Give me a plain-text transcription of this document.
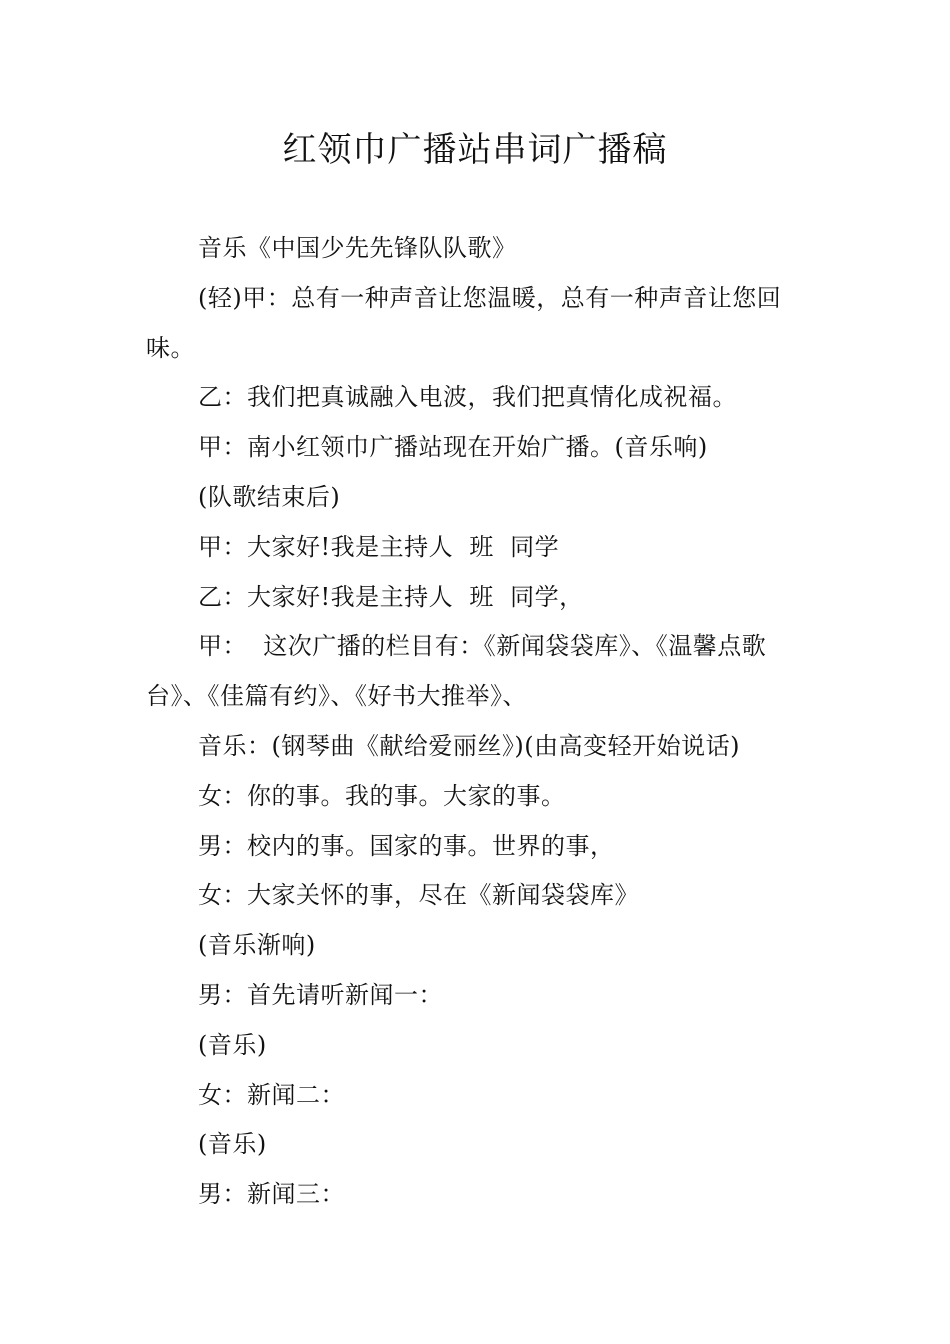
红领巾广播站串词广播稿

音乐《中国少先先锋队队歌》

(轻)甲：总有一种声音让您温暖，总有一种声音让您回味。

乙：我们把真诚融入电波，我们把真情化成祝福。

甲：南小红领巾广播站现在开始广播。(音乐响)

(队歌结束后)

甲：大家好!我是主持人  班  同学

乙：大家好!我是主持人  班  同学，

甲：  这次广播的栏目有：《新闻袋袋库》、《温馨点歌台》、《佳篇有约》、《好书大推举》、

音乐：(钢琴曲《献给爱丽丝》)(由高变轻开始说话)

女：你的事。我的事。大家的事。

男：校内的事。国家的事。世界的事，

女：大家关怀的事，尽在《新闻袋袋库》

(音乐渐响)

男：首先请听新闻一：

(音乐)

女：新闻二：

(音乐)

男：新闻三：
